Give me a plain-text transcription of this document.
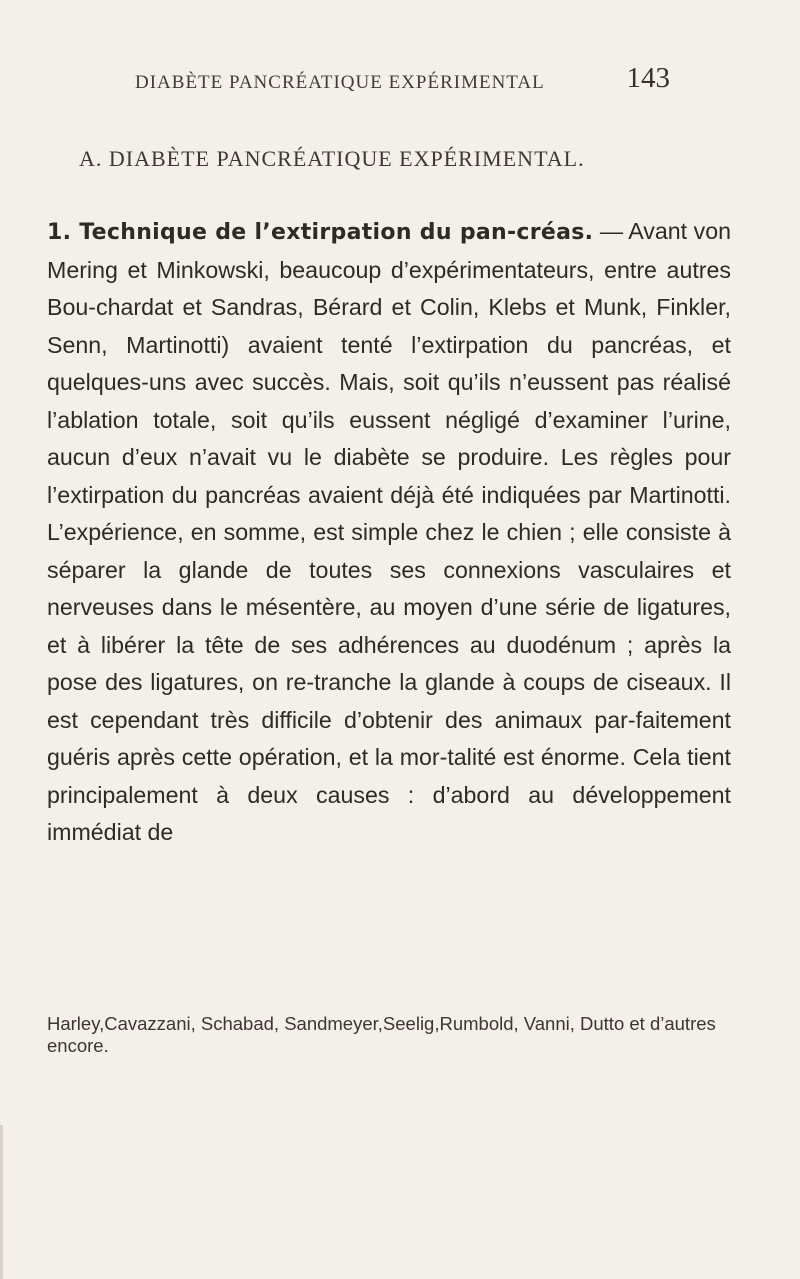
DIABÈTE PANCRÉATIQUE EXPÉRIMENTAL	143
A. DIABÈTE PANCRÉATIQUE EXPÉRIMENTAL.

1. Technique de l’extirpation du pan-créas. — Avant von Mering et Minkowski, beaucoup d’expérimentateurs, entre autres Bou-chardat et Sandras, Bérard et Colin, Klebs et Munk, Finkler, Senn, Martinotti) avaient tenté l’extirpation du pancréas, et quelques-uns avec succès. Mais, soit qu’ils n’eussent pas réalisé l’ablation totale, soit qu’ils eussent négligé d’examiner l’urine, aucun d’eux n’avait vu le diabète se produire. Les règles pour l’extirpation du pancréas avaient déjà été indiquées par Martinotti. L’expérience, en somme, est simple chez le chien ; elle consiste à séparer la glande de toutes ses connexions vasculaires et nerveuses dans le mésentère, au moyen d’une série de ligatures, et à libérer la tête de ses adhérences au duodénum ; après la pose des ligatures, on re-tranche la glande à coups de ciseaux. Il est cependant très difficile d’obtenir des animaux par-faitement guéris après cette opération, et la mor-talité est énorme. Cela tient principalement à deux causes : d’abord au développement immédiat de

Harley,Cavazzani, Schabad, Sandmeyer,Seelig,Rumbold, Vanni, Dutto et d’autres encore.
